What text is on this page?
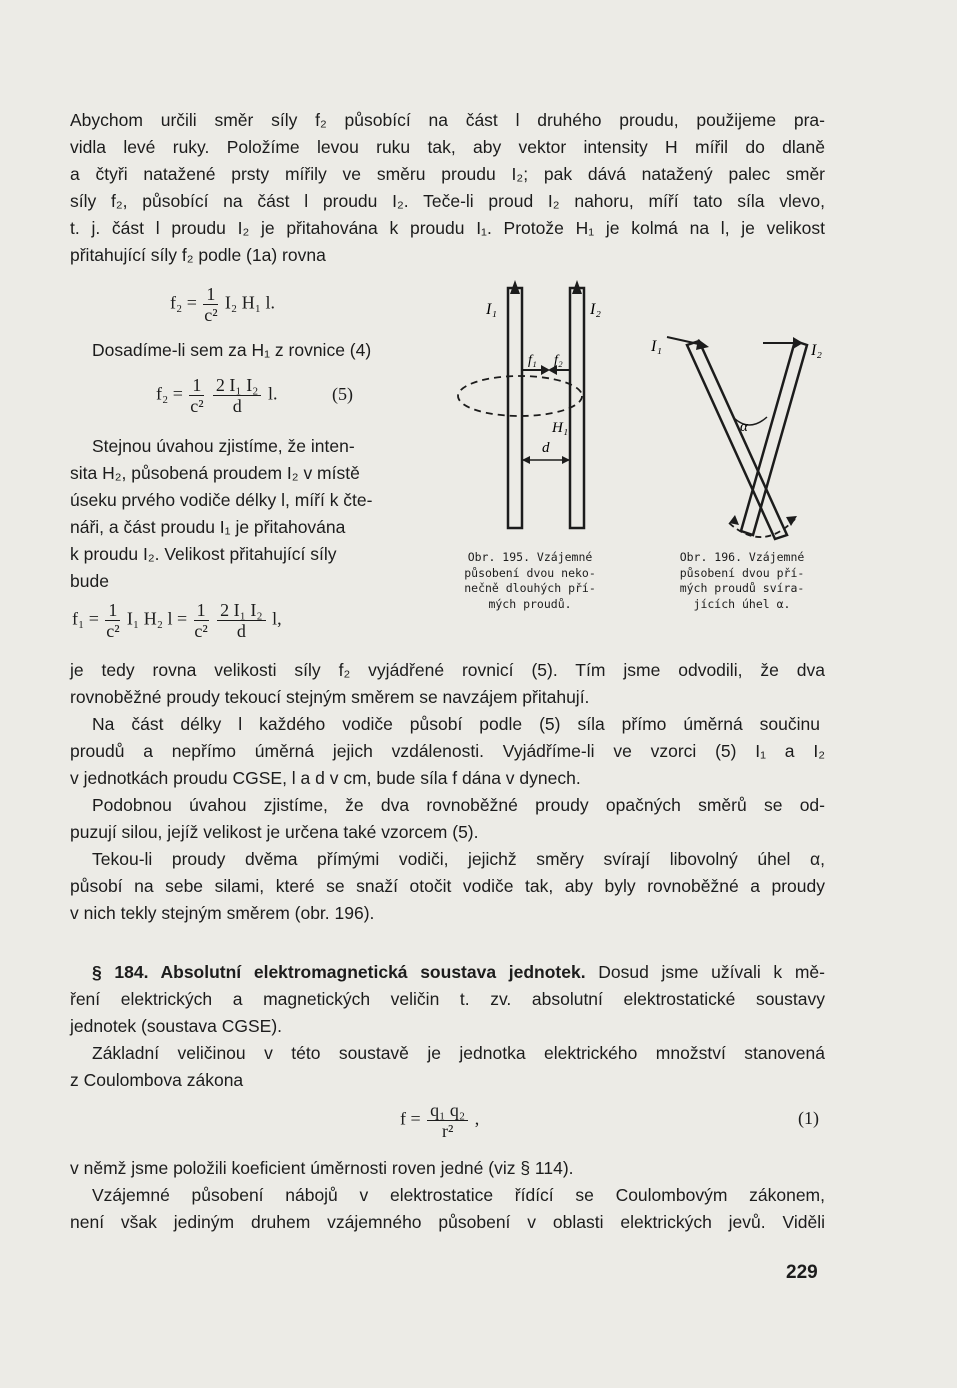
Abychom určili směr síly f₂ působící na část l druhého proudu, použijeme pra-
vidla levé ruky. Položíme levou ruku tak, aby vektor intensity H mířil do dlaně
a čtyři natažené prsty mířily ve směru proudu I₂; pak dává natažený palec směr
síly f₂, působící na část l proudu I₂. Teče-li proud I₂ nahoru, míří tato síla vlevo,
t. j. část l proudu I₂ je přitahována k proudu I₁. Protože H₁ je kolmá na l, je velikost
přitahující síly f₂ podle (1a) rovna
$f_2 = \frac{1}{\text{c²}} I_2$ H₁ l.
Dosadíme-li sem za H₁ z rovnice (4)
$f_2 = \frac{1}{\text{c²}}$
$\frac{\text{2 I₁ I₂}}{d} l$.	(5)
Stejnou úvahou zjistíme, že inten-
sita H₂, působená proudem I₂ v místě
úseku prvého vodiče délky l, míří k čte-
náři, a část proudu I₁ je přitahována
k proudu I₂. Velikost přitahující síly
bude
$f_1 = \frac{1}{\text{c²}} I_1$ H₂ $l = \frac{1}{\text{c²}}$
$\frac{\text{2 I₁ I₂}}{d} l$,
I₁	I₂
f₁ f₂
H₁
d
Obr. 195. Vzájemné
působení dvou neko-
nečně dlouhých pří-
mých proudů.
I₁	I₂
α
Obr. 196. Vzájemné
působení dvou pří-
mých proudů svíra-
jících úhel α.
je tedy rovna velikosti síly f₂ vyjádřené rovnicí (5). Tím jsme odvodili, že dva
rovnoběžné proudy tekoucí stejným směrem se navzájem přitahují.
Na část délky l každého vodiče působí podle (5) síla přímo úměrná součinu
proudů a nepřímo úměrná jejich vzdálenosti. Vyjádříme-li ve vzorci (5) I₁ a I₂
v jednotkách proudu CGSE, l a d v cm, bude síla f dána v dynech.
Podobnou úvahou zjistíme, že dva rovnoběžné proudy opačných směrů se od-
puzují silou, jejíž velikost je určena také vzorcem (5).
Tekou-li proudy dvěma přímými vodiči, jejichž směry svírají libovolný úhel α,
působí na sebe silami, které se snaží otočit vodiče tak, aby byly rovnoběžné a proudy
v nich tekly stejným směrem (obr. 196).
§ 184. Absolutní elektromagnetická soustava jednotek. Dosud jsme užívali k mě-
ření elektrických a magnetických veličin t. zv. absolutní elektrostatické soustavy
jednotek (soustava CGSE).
Základní veličinou v této soustavě je jednotka elektrického množství stanovená
z Coulombova zákona
$f = \frac{\text{q₁ q₂}}{\text{r²}}$ ,	(1)
v němž jsme položili koeficient úměrnosti roven jedné (viz § 114).
Vzájemné působení nábojů v elektrostatice řídící se Coulombovým zákonem,
není však jediným druhem vzájemného působení v oblasti elektrických jevů. Viděli
229
